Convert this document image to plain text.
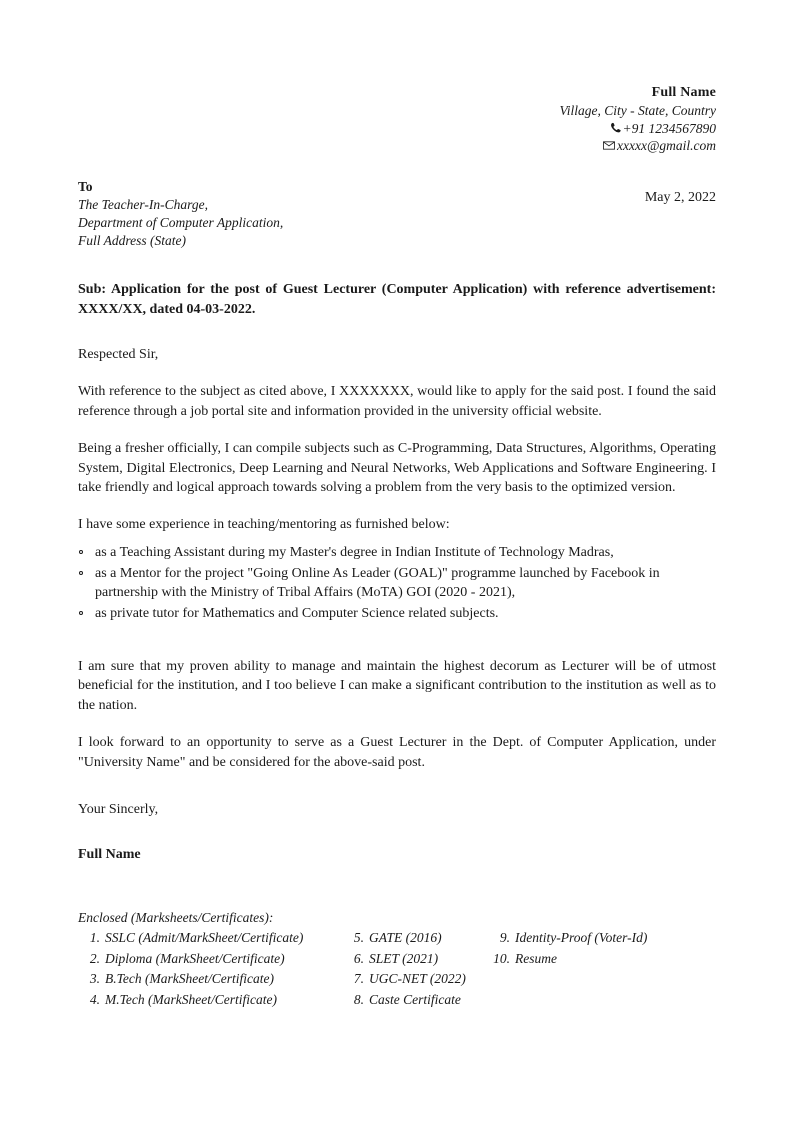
Full Name
Village, City - State, Country
+91 1234567890
xxxxx@gmail.com
To
The Teacher-In-Charge,
Department of Computer Application,
Full Address (State)
May 2, 2022
Sub: Application for the post of Guest Lecturer (Computer Application) with reference advertisement: XXXX/XX, dated 04-03-2022.
Respected Sir,

With reference to the subject as cited above, I XXXXXXX, would like to apply for the said post. I found the said reference through a job portal site and information provided in the university official website.

Being a fresher officially, I can compile subjects such as C-Programming, Data Structures, Algorithms, Operating System, Digital Electronics, Deep Learning and Neural Networks, Web Applications and Software Engineering. I take friendly and logical approach towards solving a problem from the very basis to the optimized version.

I have some experience in teaching/mentoring as furnished below:

as a Teaching Assistant during my Master's degree in Indian Institute of Technology Madras,
as a Mentor for the project "Going Online As Leader (GOAL)" programme launched by Facebook in partnership with the Ministry of Tribal Affairs (MoTA) GOI (2020 - 2021),
as private tutor for Mathematics and Computer Science related subjects.

I am sure that my proven ability to manage and maintain the highest decorum as Lecturer will be of utmost beneficial for the institution, and I too believe I can make a significant contribution to the institution as well as to the nation.

I look forward to an opportunity to serve as a Guest Lecturer in the Dept. of Computer Application, under "University Name" and be considered for the above-said post.

Your Sincerly,
Full Name
Enclosed (Marksheets/Certificates):
1. SSLC (Admit/MarkSheet/Certificate)
2. Diploma (MarkSheet/Certificate)
3. B.Tech (MarkSheet/Certificate)
4. M.Tech (MarkSheet/Certificate)
5. GATE (2016)
6. SLET (2021)
7. UGC-NET (2022)
8. Caste Certificate
9. Identity-Proof (Voter-Id)
10. Resume
